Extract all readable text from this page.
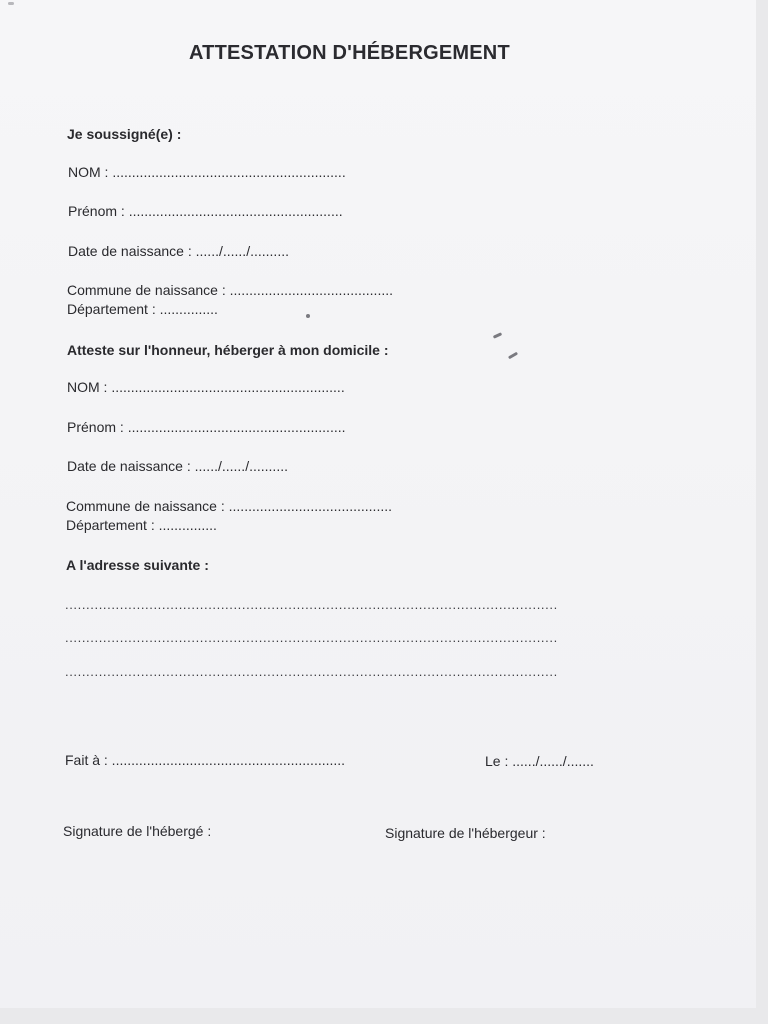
ATTESTATION D'HÉBERGEMENT
Je soussigné(e) :
NOM : ............................................................
Prénom : .......................................................
Date de naissance : ....../....../..........
Commune de naissance : ..........................................
Département : ...............
Atteste sur l'honneur, héberger à mon domicile :
NOM : ............................................................
Prénom : ........................................................
Date de naissance : ....../....../..........
Commune de naissance : ..........................................
Département : ...............
A l'adresse suivante :
.....................................................................................................................
.....................................................................................................................
.....................................................................................................................
Fait à : ............................................................	Le : ....../....../.......
Signature de l'hébergé :	Signature de l'hébergeur :
